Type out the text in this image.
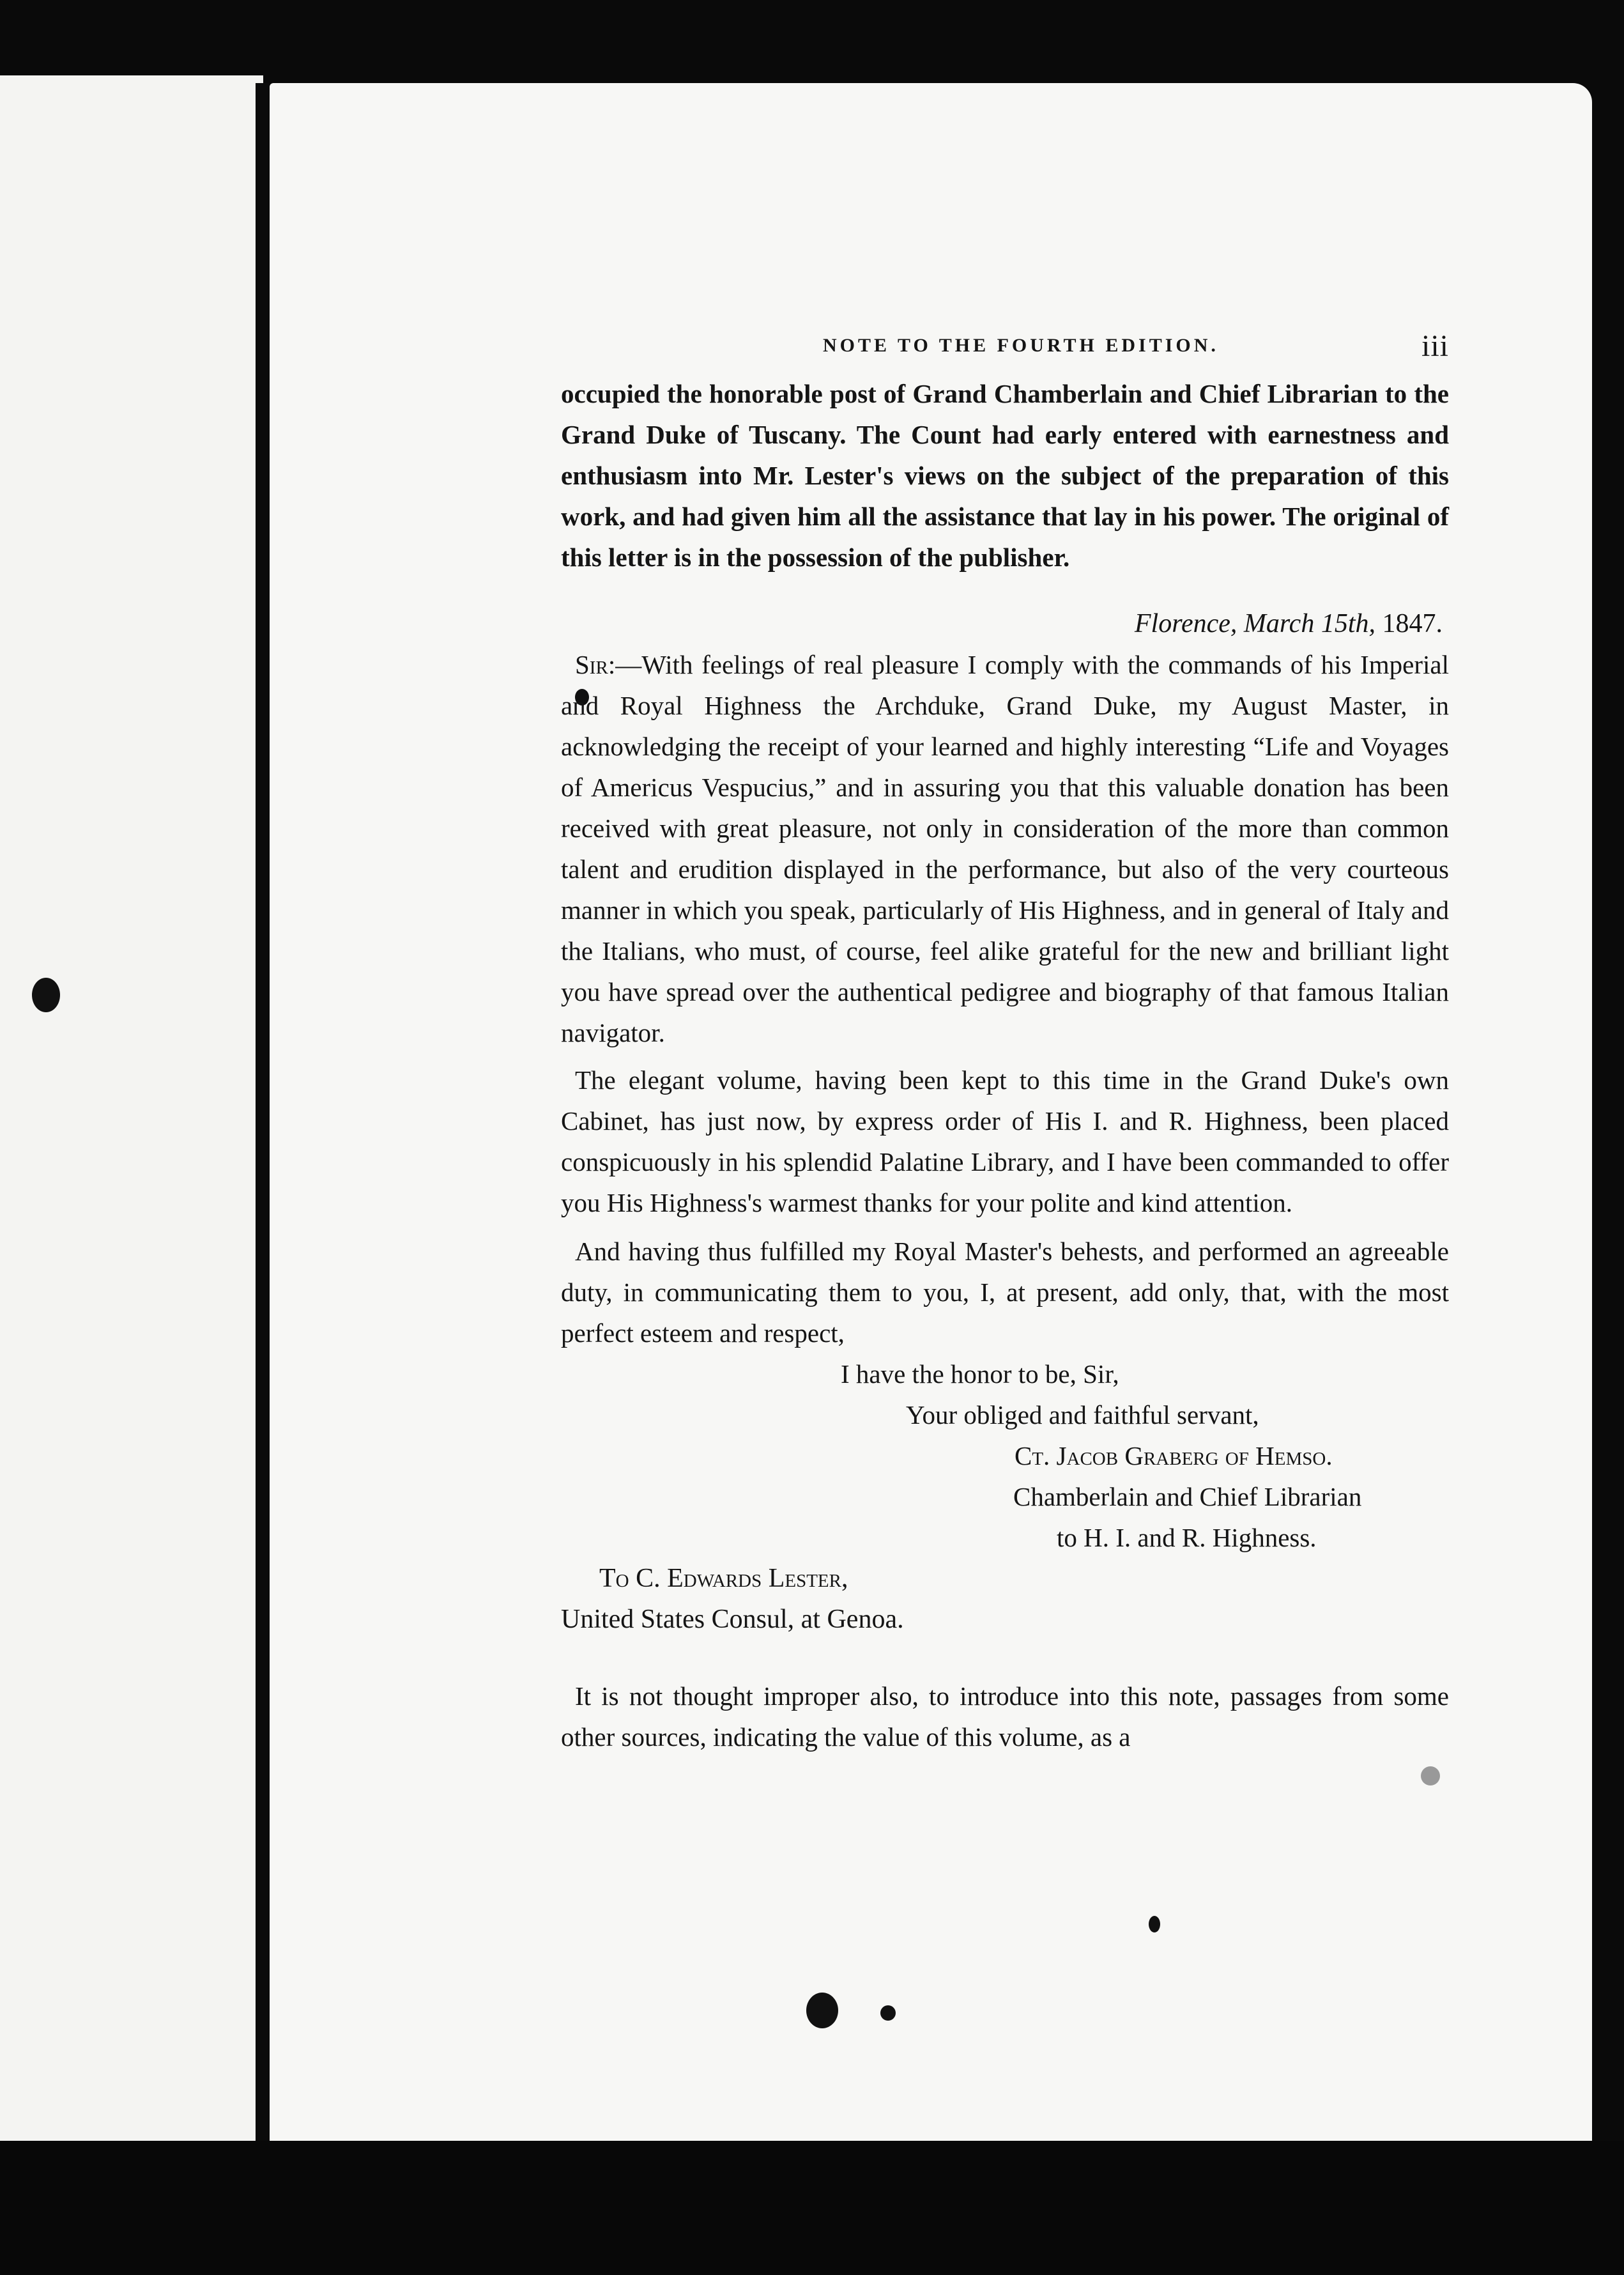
NOTE TO THE FOURTH EDITION.	iii

occupied the honorable post of Grand Chamberlain and Chief Librarian to the Grand Duke of Tuscany. The Count had early entered with earnestness and enthusiasm into Mr. Lester's views on the subject of the preparation of this work, and had given him all the assistance that lay in his power. The original of this letter is in the possession of the publisher.

Florence, March 15th, 1847.

Sir:—With feelings of real pleasure I comply with the commands of his Imperial and Royal Highness the Archduke, Grand Duke, my August Master, in acknowledging the receipt of your learned and highly interesting “Life and Voyages of Americus Vespucius,” and in assuring you that this valuable donation has been received with great pleasure, not only in consideration of the more than common talent and erudition displayed in the performance, but also of the very courteous manner in which you speak, particularly of His Highness, and in general of Italy and the Italians, who must, of course, feel alike grateful for the new and brilliant light you have spread over the authentical pedigree and biography of that famous Italian navigator.

The elegant volume, having been kept to this time in the Grand Duke's own Cabinet, has just now, by express order of His I. and R. Highness, been placed conspicuously in his splendid Palatine Library, and I have been commanded to offer you His Highness's warmest thanks for your polite and kind attention.

And having thus fulfilled my Royal Master's behests, and performed an agreeable duty, in communicating them to you, I, at present, add only, that, with the most perfect esteem and respect,

I have the honor to be, Sir,
Your obliged and faithful servant,
Ct. Jacob Graberg of Hemso.
Chamberlain and Chief Librarian
to H. I. and R. Highness.
To C. Edwards Lester,
United States Consul, at Genoa.

It is not thought improper also, to introduce into this note, passages from some other sources, indicating the value of this volume, as a
